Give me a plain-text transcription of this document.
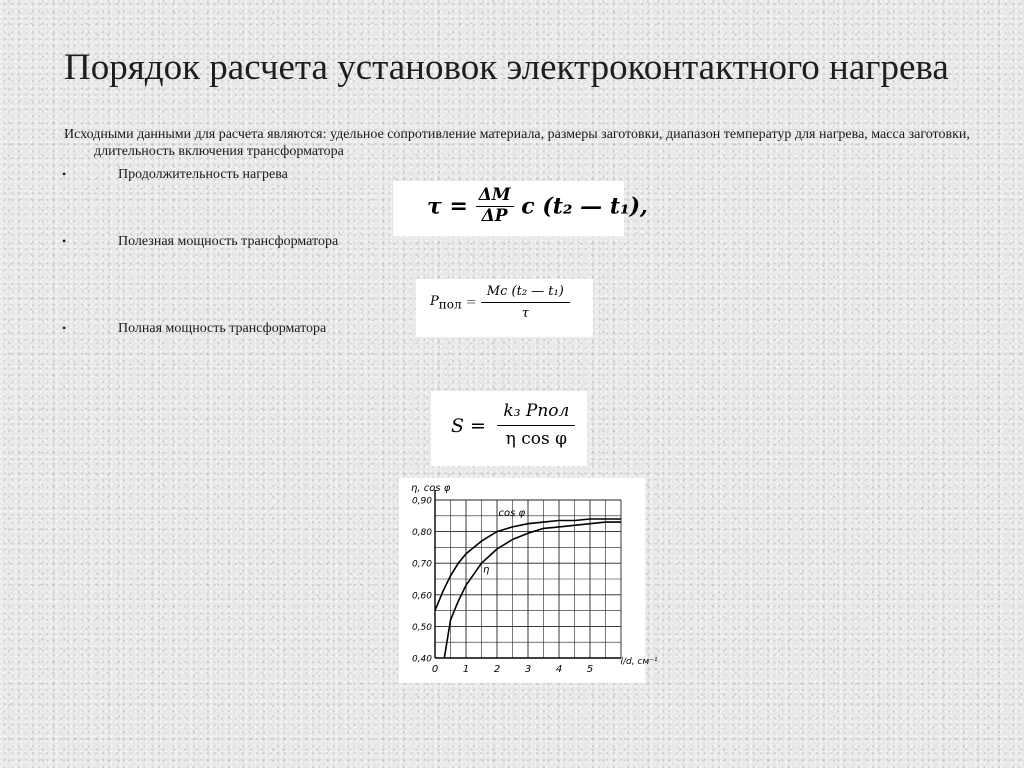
Порядок расчета установок электроконтактного нагрева
Исходными данными для расчета являются: удельное сопротивление материала, размеры заготовки, диапазон температур для нагрева, масса заготовки, длительность включения трансформатора
•	Продолжительность нагрева
•	Полезная мощность трансформатора
•	Полная мощность трансформатора
$\tau = \frac{\Delta M}{\Delta P}$ c (t₂ — t₁),
$P_{пол} = \frac{\text{Mc (t₂ — t₁)}}{\tau}$
$S = \frac{\text{k₃ Pпол}}{\text{η cos φ}}$
0 1 2 3 4 5
0,40
0,50
0,60
0,70
0,80
0,90
η, cos φ
l/d, см⁻¹
cos φ
η
